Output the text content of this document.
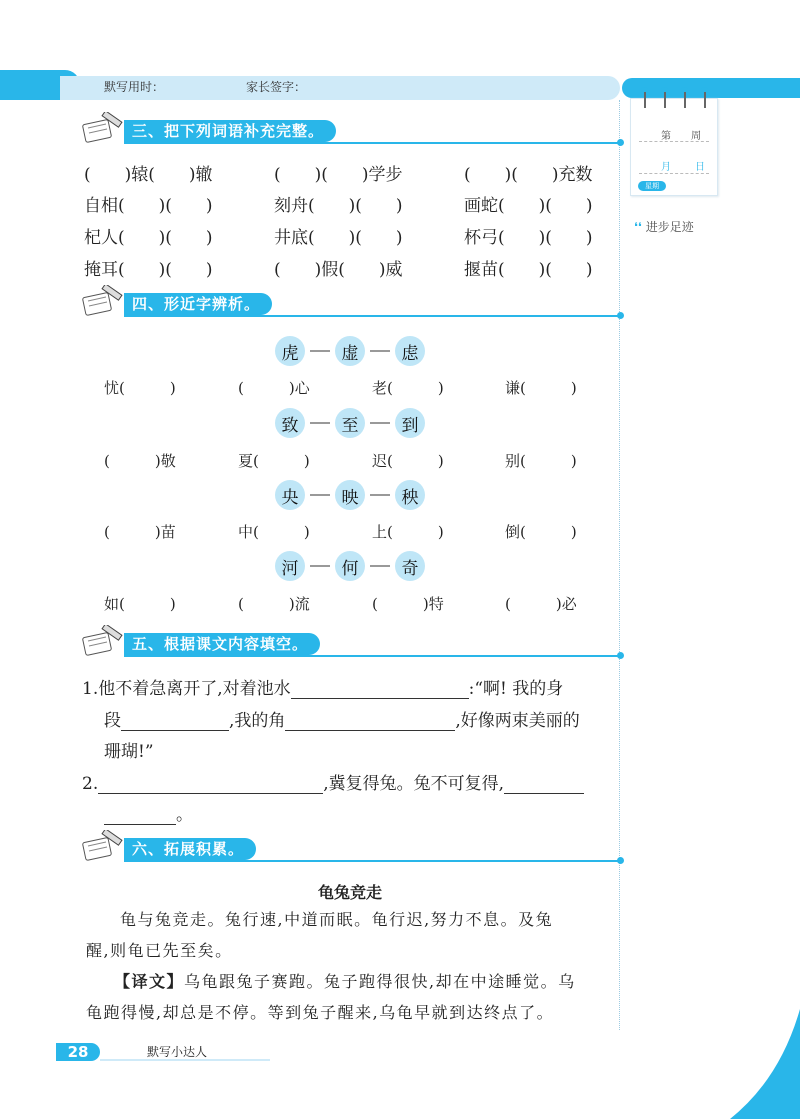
默写用时：	家长签字：
第 周
月 日
星期
❛❛ 进步足迹
三、把下列词语补充完整。
(　　)辕(　　)辙	(　　)(　　)学步	(　　)(　　)充数
自相(　　)(　　)	刻舟(　　)(　　)	画蛇(　　)(　　)
杞人(　　)(　　)	井底(　　)(　　)	杯弓(　　)(　　)
掩耳(　　)(　　)	(　　)假(　　)威	揠苗(　　)(　　)
四、形近字辨析。
虎	虚	虑
忧(　　　)	(　　　)心	老(　　　)	谦(　　　)
致	至	到
(　　　)敬	夏(　　　)	迟(　　　)	别(　　　)
央	映	秧
(　　　)苗	中(　　　)	上(　　　)	倒(　　　)
河	何	奇
如(　　　)	(　　　)流	(　　　)特	(　　　)必
五、根据课文内容填空。
1.他不着急离开了,对着池水	:“啊! 我的身
段	,我的角	,好像两束美丽的
珊瑚!”
2.	,冀复得兔。兔不可复得,
。
六、拓展积累。
龟兔竞走
龟与兔竞走。兔行速,中道而眠。龟行迟,努力不息。及兔
醒,则龟已先至矣。
【译文】乌龟跟兔子赛跑。兔子跑得很快,却在中途睡觉。乌
龟跑得慢,却总是不停。等到兔子醒来,乌龟早就到达终点了。
28	默写小达人
